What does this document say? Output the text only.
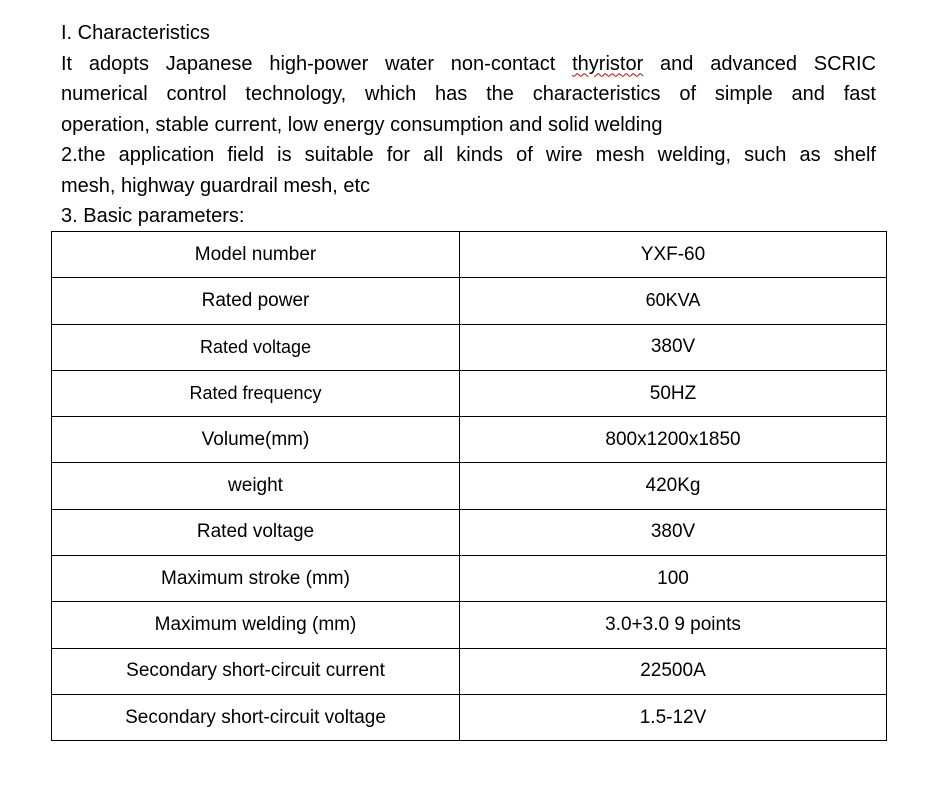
I. Characteristics
It adopts Japanese high-power water non-contact thyristor and advanced SCRIC
numerical control technology, which has the characteristics of simple and fast
operation, stable current, low energy consumption and solid welding
2.the application field is suitable for all kinds of wire mesh welding, such as shelf
mesh, highway guardrail mesh, etc
3. Basic parameters:
Model number	YXF-60
Rated power	60KVA
Rated voltage	380V
Rated frequency	50HZ
Volume(mm)	800x1200x1850
weight	420Kg
Rated voltage	380V
Maximum stroke (mm)	100
Maximum welding (mm)	3.0+3.0 9 points
Secondary short-circuit current	22500A
Secondary short-circuit voltage	1.5-12V
